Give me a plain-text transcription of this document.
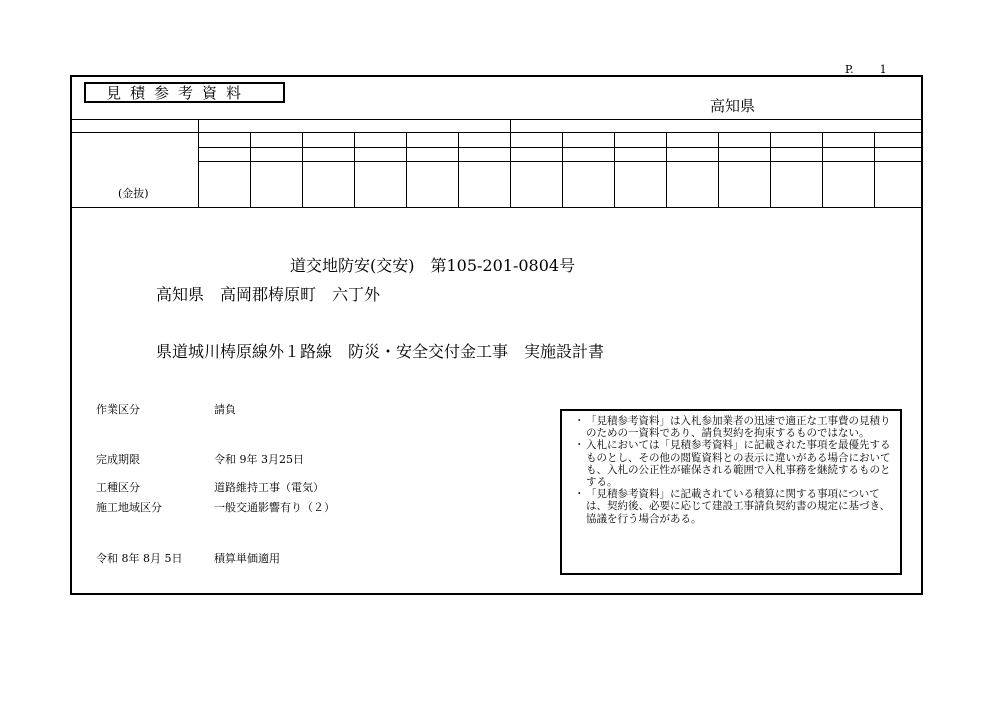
P. 1
見積参考資料
高知県
(金抜)
道交地防安(交安)　第105-201-0804号
高知県　高岡郡梼原町　六丁外
県道城川梼原線外１路線　防災・安全交付金工事　実施設計書
作業区分	請負
完成期限	令和 9年 3月25日
工種区分	道路維持工事（電気）
施工地域区分	一般交通影響有り（２）
令和 8年 8月 5日	積算単価適用
・ 「見積参考資料」は入札参加業者の迅速で適正な工事費の見積りのための一資料であり、請負契約を拘束するものではない。
・ 入札においては「見積参考資料」に記載された事項を最優先するものとし、その他の閲覧資料との表示に違いがある場合においても、入札の公正性が確保される範囲で入札事務を継続するものとする。
・ 「見積参考資料」に記載されている積算に関する事項については、契約後、必要に応じて建設工事請負契約書の規定に基づき、協議を行う場合がある。
